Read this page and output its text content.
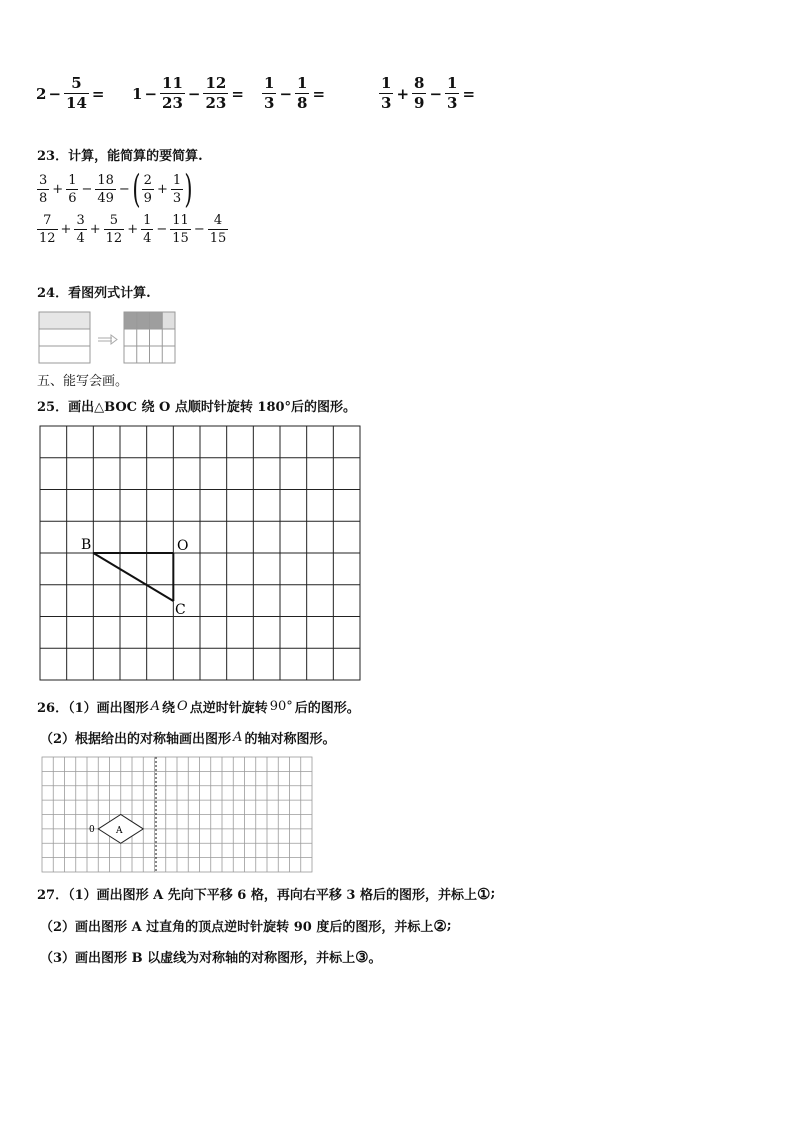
$2 - \frac{5}{14} = 1 - \frac{11}{23} - \frac{12}{23} = \frac{1}{3} - \frac{1}{8}$ =	$\frac{1}{3} + \frac{8}{9} - \frac{1}{3}$ =
23．计算，能简算的要简算.
$\frac{3}{8} + \frac{1}{6} - \frac{18}{49}$ − ( $\frac{2}{9} + \frac{1}{3}$ )
$\frac{7}{12} + \frac{3}{4} + \frac{5}{12} + \frac{1}{4} - \frac{11}{15} - \frac{4}{15}$
24．看图列式计算.
五、能写会画。
25．画出△BOC 绕 O 点顺时针旋转 180°后的图形。
B	O
C
26．（1）画出图形 A 绕 O 点逆时针旋转 90° 后的图形。
（2）根据给出的对称轴画出图形 A 的轴对称图形。
A
0
27．（1）画出图形 A 先向下平移 6 格，再向右平移 3 格后的图形，并标上 ① ;
（2）画出图形 A 过直角的顶点逆时针旋转 90 度后的图形，并标上 ② ;
（3）画出图形 B 以虚线为对称轴的对称图形，并标上 ③ 。
